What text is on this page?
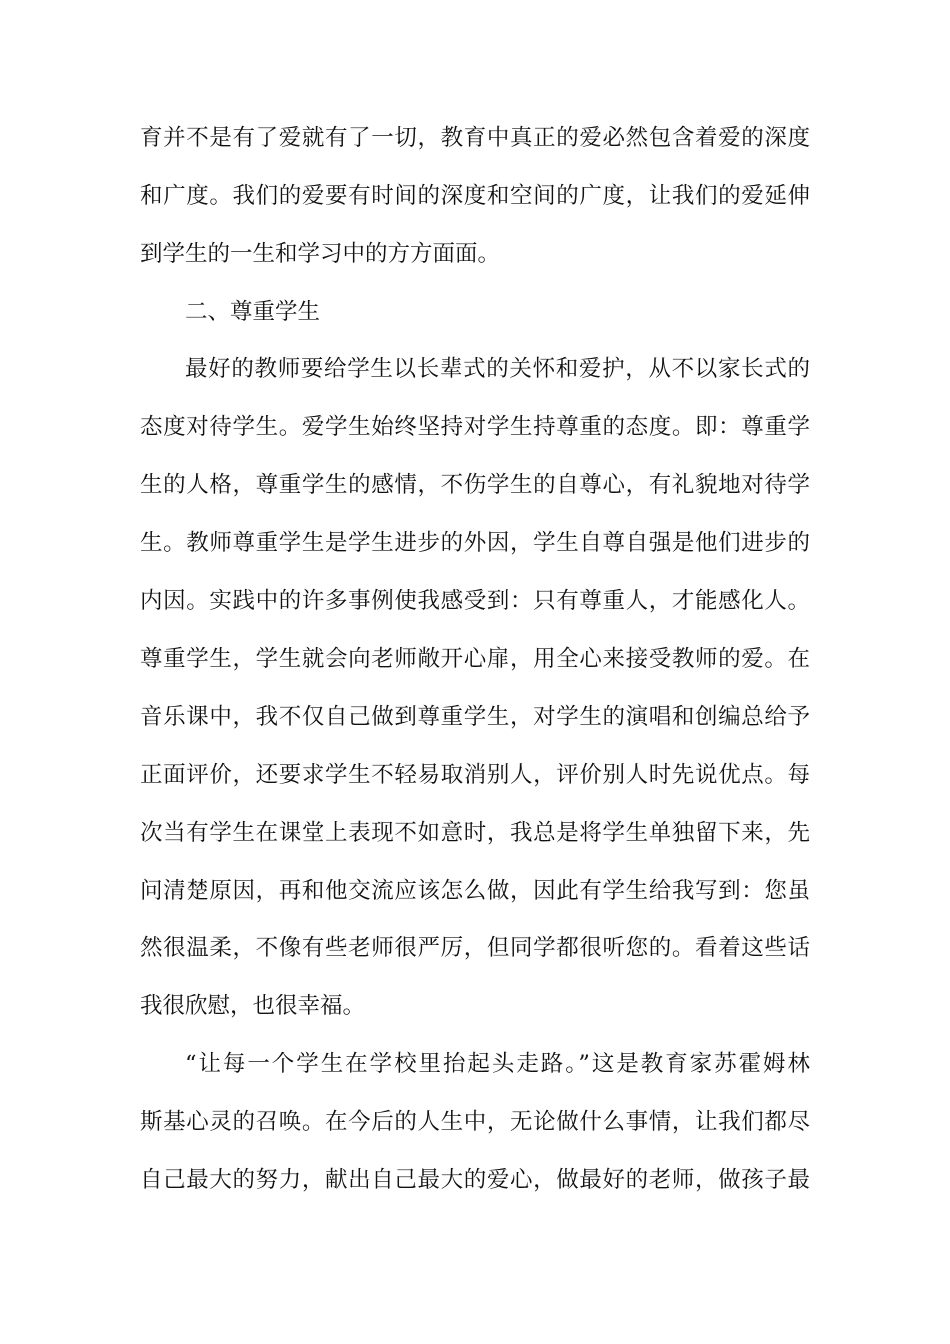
育并不是有了爱就有了一切，教育中真正的爱必然包含着爱的深度
和广度。我们的爱要有时间的深度和空间的广度，让我们的爱延伸
到学生的一生和学习中的方方面面。
二、尊重学生
最好的教师要给学生以长辈式的关怀和爱护，从不以家长式的
态度对待学生。爱学生始终坚持对学生持尊重的态度。即：尊重学
生的人格，尊重学生的感情，不伤学生的自尊心，有礼貌地对待学
生。教师尊重学生是学生进步的外因，学生自尊自强是他们进步的
内因。实践中的许多事例使我感受到：只有尊重人，才能感化人。
尊重学生，学生就会向老师敞开心扉，用全心来接受教师的爱。在
音乐课中，我不仅自己做到尊重学生，对学生的演唱和创编总给予
正面评价，还要求学生不轻易取消别人，评价别人时先说优点。每
次当有学生在课堂上表现不如意时，我总是将学生单独留下来，先
问清楚原因，再和他交流应该怎么做，因此有学生给我写到：您虽
然很温柔，不像有些老师很严厉，但同学都很听您的。看着这些话
我很欣慰，也很幸福。
“让每一个学生在学校里抬起头走路。”这是教育家苏霍姆林
斯基心灵的召唤。在今后的人生中，无论做什么事情，让我们都尽
自己最大的努力，献出自己最大的爱心，做最好的老师，做孩子最
